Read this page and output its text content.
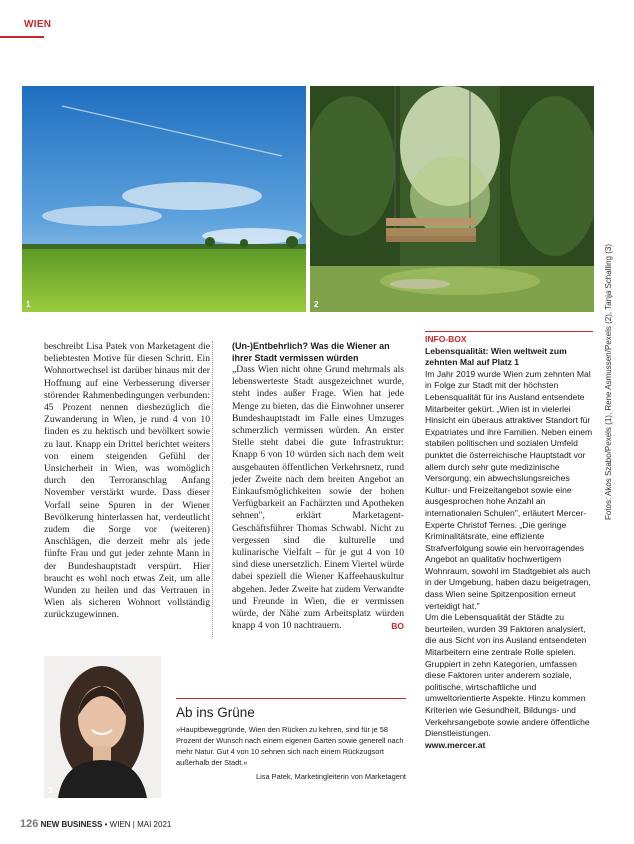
WIEN
1	2

beschreibt Lisa Patek von Marketagent die beliebtesten Motive für diesen Schritt. Ein Wohnortwechsel ist darüber hinaus mit der Hoffnung auf eine Verbesserung diverser störender Rahmenbedingungen verbunden: 45 Prozent nennen diesbezüglich die Zuwanderung in Wien, je rund 4 von 10 finden es zu hektisch und bevölkert sowie zu laut. Knapp ein Drittel berichtet weiters von einem steigenden Gefühl der Unsicherheit in Wien, was womöglich durch den Terroranschlag Anfang November verstärkt wurde. Dass dieser Vorfall seine Spuren in der Wiener Bevölkerung hinterlassen hat, verdeutlicht zudem die Sorge vor (weiteren) Anschlägen, die derzeit mehr als jede fünfte Frau und gut jeder zehnte Mann in der Bundeshauptstadt verspürt. Hier braucht es wohl noch etwas Zeit, um alle Wunden zu heilen und das Vertrauen in Wien als sicheren Wohnort vollständig zurückzugewinnen.

(Un-)Entbehrlich? Was die Wiener an ihrer Stadt vermissen würden

„Dass Wien nicht ohne Grund mehrmals als lebenswerteste Stadt ausgezeichnet wurde, steht indes außer Frage. Wien hat jede Menge zu bieten, das die Einwohner unserer Bundeshauptstadt im Falle eines Umzuges schmerzlich vermissen würden. An erster Stelle steht dabei die gute Infrastruktur: Knapp 6 von 10 würden sich nach dem weit ausgebauten öffentlichen Verkehrsnetz, rund jeder Zweite nach dem breiten Angebot an Einkaufsmöglichkeiten sowie der hohen Verfügbarkeit an Fachärzten und Apotheken sehnen", erklärt Marketagent-Geschäftsführer Thomas Schwabl. Nicht zu vergessen sind die kulturelle und kulinarische Vielfalt – für je gut 4 von 10 sind diese unersetzlich. Einem Viertel würde dabei speziell die Wiener Kaffeehauskultur abgehen. Jeder Zweite hat zudem Verwandte und Freunde in Wien, die er vermissen würde, der Nähe zum Arbeitsplatz würden knapp 4 von 10 nachtrauern.	BO

INFO-BOX
Lebensqualität: Wien weltweit zum zehnten Mal auf Platz 1

Im Jahr 2019 wurde Wien zum zehnten Mal in Folge zur Stadt mit der höchsten Lebensqualität für ins Ausland entsendete Mitarbeiter gekürt. „Wien ist in vielerlei Hinsicht ein überaus attraktiver Standort für Expatriates und ihre Familien. Neben einem stabilen politischen und sozialen Umfeld punktet die österreichische Hauptstadt vor allem durch sehr gute medizinische Versorgung, ein abwechslungsreiches Kultur- und Freizeitangebot sowie eine ausgesprochen hohe Anzahl an internationalen Schulen", erläutert Mercer-Experte Christof Ternes. „Die geringe Kriminalitätsrate, eine effiziente Strafverfolgung sowie ein hervorragendes Angebot an qualitativ hochwertigem Wohnraum, sowohl im Stadtgebiet als auch in der Umgebung, haben dazu beigetragen, dass Wien seine Spitzenposition erneut verteidigt hat."

Um die Lebensqualität der Städte zu beurteilen, wurden 39 Faktoren analysiert, die aus Sicht von ins Ausland entsendeten Mitarbeitern eine zentrale Rolle spielen. Gruppiert in zehn Kategorien, umfassen diese Faktoren unter anderem soziale, politische, wirtschaftliche und umweltorientierte Aspekte. Hinzu kommen Kriterien wie Gesundheit, Bildungs- und Verkehrsangebote sowie andere öffentliche Dienstleistungen.

www.mercer.at
3
Ab ins Grüne

»Hauptbeweggründe, Wien den Rücken zu kehren, sind für je 58 Prozent der Wunsch nach einem eigenen Garten sowie generell nach mehr Natur. Gut 4 von 10 sehnen sich nach einem Rückzugsort außerhalb der Stadt.«

Lisa Patek, Marketingleiterin von Marketagent
126 NEW BUSINESS • WIEN | MAI 2021
Fotos: Akos Szabo/Pexels (1), Rene Asmussen/Pexels (2), Tanja Schalling (3)
